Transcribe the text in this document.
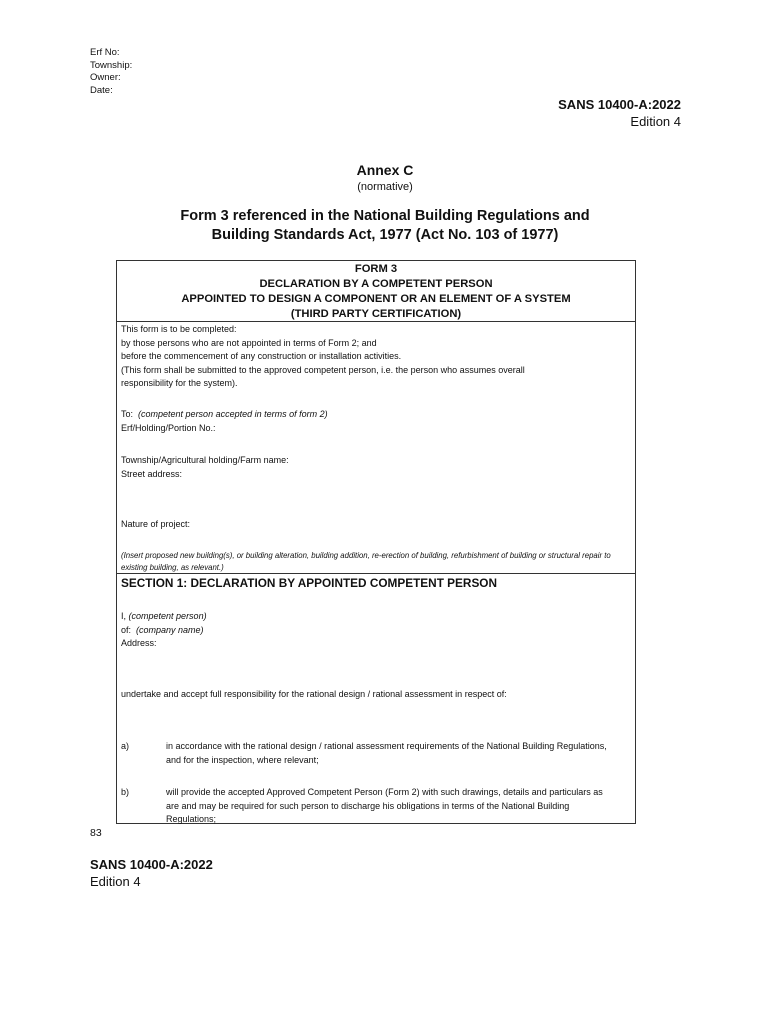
Erf No:
Township:
Owner:
Date:
SANS 10400-A:2022
Edition 4
Annex C
(normative)
Form 3 referenced in the National Building Regulations and
Building Standards Act, 1977 (Act No. 103 of 1977)
FORM 3
DECLARATION BY A COMPETENT PERSON
APPOINTED TO DESIGN A COMPONENT OR AN ELEMENT OF A SYSTEM
(THIRD PARTY CERTIFICATION)
This form is to be completed:
by those persons who are not appointed in terms of Form 2; and
before the commencement of any construction or installation activities.
(This form shall be submitted to the approved competent person, i.e. the person who assumes overall
responsibility for the system).
To: (competent person accepted in terms of form 2)
Erf/Holding/Portion No.:
Township/Agricultural holding/Farm name:
Street address:
Nature of project:
(Insert proposed new building(s), or building alteration, building addition, re-erection of building, refurbishment of building or structural repair to existing building, as relevant.)
SECTION 1: DECLARATION BY APPOINTED COMPETENT PERSON
I, (competent person)
of: (company name)
Address:
undertake and accept full responsibility for the rational design / rational assessment in respect of:
a)	in accordance with the rational design / rational assessment requirements of the National Building Regulations, and for the inspection, where relevant;
b)	will provide the accepted Approved Competent Person (Form 2) with such drawings, details and particulars as are and may be required for such person to discharge his obligations in terms of the National Building Regulations;
83
SANS 10400-A:2022
Edition 4
